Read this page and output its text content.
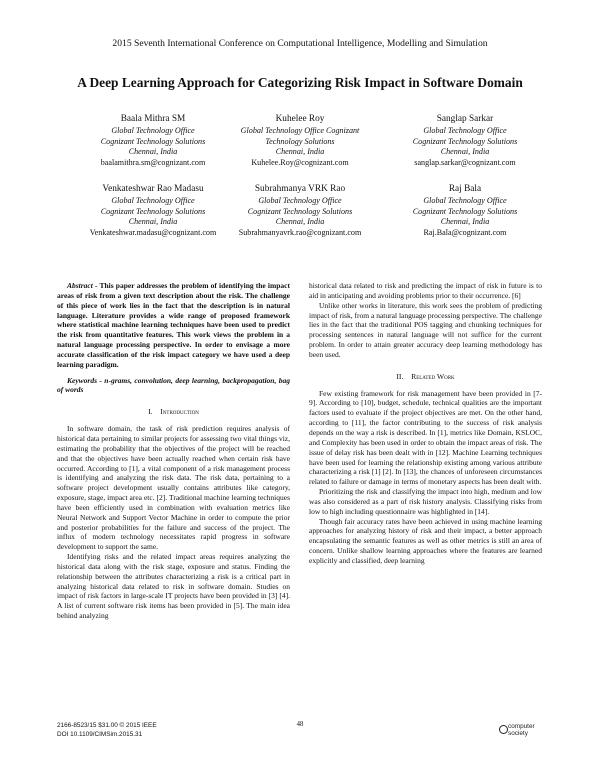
2015 Seventh International Conference on Computational Intelligence, Modelling and Simulation
A Deep Learning Approach for Categorizing Risk Impact in Software Domain
Baala Mithra SM
Global Technology Office
Cognizant Technology Solutions
Chennai, India
baalamithra.sm@cognizant.com
Kuhelee Roy
Global Technology Office Cognizant
Technology Solutions
Chennai, India
Kuhelee.Roy@cognizant.com
Sanglap Sarkar
Global Technology Office
Cognizant Technology Solutions
Chennai, India
sanglap.sarkar@cognizant.com
Venkateshwar Rao Madasu
Global Technology Office
Cognizant Technology Solutions
Chennai, India
Venkateshwar.madasu@cognizant.com
Subrahmanya VRK Rao
Global Technology Office
Cognizant Technology Solutions
Chennai, India
Subrahmanyavrk.rao@cognizant.com
Raj Bala
Global Technology Office
Cognizant Technology Solutions
Chennai, India
Raj.Bala@cognizant.com

Abstract - This paper addresses the problem of identifying the impact areas of risk from a given text description about the risk. The challenge of this piece of work lies in the fact that the description is in natural language. Literature provides a wide range of proposed framework where statistical machine learning techniques have been used to predict the risk from quantitative features. This work views the problem in a natural language processing perspective. In order to envisage a more accurate classification of the risk impact category we have used a deep learning paradigm.

Keywords - n-grams, convolution, deep learning, backpropagation, bag of words

I. Introduction

In software domain, the task of risk prediction requires analysis of historical data pertaining to similar projects for assessing two vital things viz, estimating the probability that the objectives of the project will be reached and that the objectives have been actually reached when certain risk have occurred. According to [1], a vital component of a risk management process is identifying and analyzing the risk data. The risk data, pertaining to a software project development usually contains attributes like category, exposure, stage, impact area etc. [2]. Traditional machine learning techniques have been efficiently used in combination with evaluation metrics like Neural Network and Support Vector Machine in order to compute the prior and posterior probabilities for the failure and success of the project. The influx of modern technology necessitates rapid progress in software development to support the same.

Identifying risks and the related impact areas requires analyzing the historical data along with the risk stage, exposure and status. Finding the relationship between the attributes characterizing a risk is a critical part in analyzing historical data related to risk in software domain. Studies on impact of risk factors in large-scale IT projects have been provided in [3] [4]. A list of current software risk items has been provided in [5]. The main idea behind analyzing

historical data related to risk and predicting the impact of risk in future is to aid in anticipating and avoiding problems prior to their occurrence. [6]

Unlike other works in literature, this work sees the problem of predicting impact of risk, from a natural language processing perspective. The challenge lies in the fact that the traditional POS tagging and chunking techniques for processing sentences in natural language will not suffice for the current problem. In order to attain greater accuracy deep learning methodology has been used.

II. Related Work

Few existing framework for risk management have been provided in [7-9]. According to [10], budget, schedule, technical qualities are the important factors used to evaluate if the project objectives are met. On the other hand, according to [11], the factor contributing to the success of risk analysis depends on the way a risk is described. In [1], metrics like Domain, KSLOC, and Complexity has been used in order to obtain the impact areas of risk. The issue of delay risk has been dealt with in [12]. Machine Learning techniques have been used for learning the relationship existing among various attribute characterizing a risk [1] [2]. In [13], the chances of unforeseen circumstances related to failure or damage in terms of monetary aspects has been dealt with.

Prioritizing the risk and classifying the impact into high, medium and low was also considered as a part of risk history analysis. Classifying risks from low to high including questionnaire was highlighted in [14].

Though fair accuracy rates have been achieved in using machine learning approaches for analyzing history of risk and their impact, a better approach encapsulating the semantic features as well as other metrics is still an area of concern. Unlike shallow learning approaches where the features are learned explicitly and classified, deep learning

2166-8523/15 $31.00 © 2015 IEEE
DOI 10.1109/CIMSim.2015.31
48	computer society
